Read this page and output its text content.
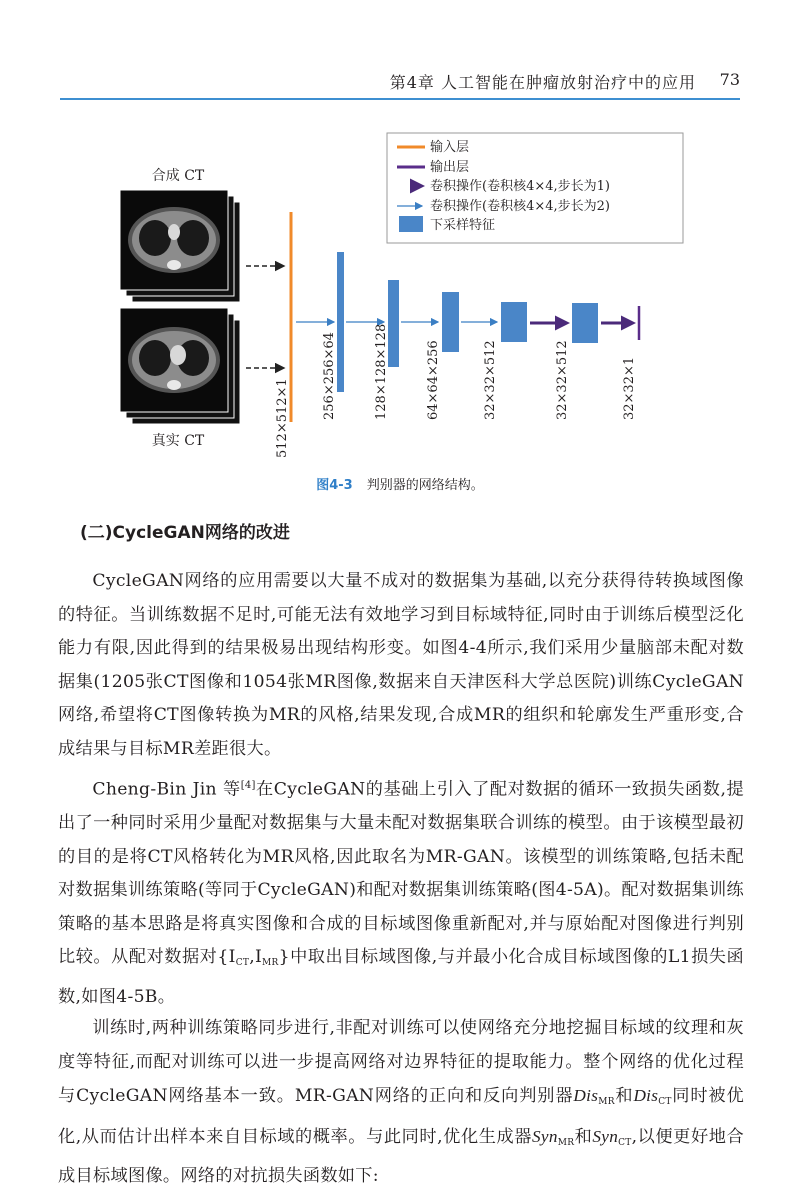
第4章 人工智能在肿瘤放射治疗中的应用 73
合成 CT
真实 CT	512×512×1 256×256×64	128×128×128	64×64×256	32×32×512	32×32×512	32×32×1
输入层
输出层
卷积操作(卷积核4×4,步长为1)
卷积操作(卷积核4×4,步长为2)
下采样特征
图4-3 判别器的网络结构。
(二)CycleGAN网络的改进

CycleGAN网络的应用需要以大量不成对的数据集为基础,以充分获得待转换域图像的特征。当训练数据不足时,可能无法有效地学习到目标域特征,同时由于训练后模型泛化能力有限,因此得到的结果极易出现结构形变。如图4-4所示,我们采用少量脑部未配对数据集(1205张CT图像和1054张MR图像,数据来自天津医科大学总医院)训练CycleGAN网络,希望将CT图像转换为MR的风格,结果发现,合成MR的组织和轮廓发生严重形变,合成结果与目标MR差距很大。

Cheng-Bin Jin 等[4]在CycleGAN的基础上引入了配对数据的循环一致损失函数,提出了一种同时采用少量配对数据集与大量未配对数据集联合训练的模型。由于该模型最初的目的是将CT风格转化为MR风格,因此取名为MR-GAN。该模型的训练策略,包括未配对数据集训练策略(等同于CycleGAN)和配对数据集训练策略(图4-5A)。配对数据集训练策略的基本思路是将真实图像和合成的目标域图像重新配对,并与原始配对图像进行判别比较。从配对数据对$\{I_{CT},I_{MR}\}$中取出目标域图像,与并最小化合成目标域图像的L1损失函数,如图4-5B。

训练时,两种训练策略同步进行,非配对训练可以使网络充分地挖掘目标域的纹理和灰度等特征,而配对训练可以进一步提高网络对边界特征的提取能力。整个网络的优化过程与CycleGAN网络基本一致。MR-GAN网络的正向和反向判别器Dis$_{MR}$和Dis$_{CT}$同时被优化,从而估计出样本来自目标域的概率。与此同时,优化生成器Syn$_{MR}$和Syn$_{CT}$,以便更好地合成目标域图像。网络的对抗损失函数如下:
